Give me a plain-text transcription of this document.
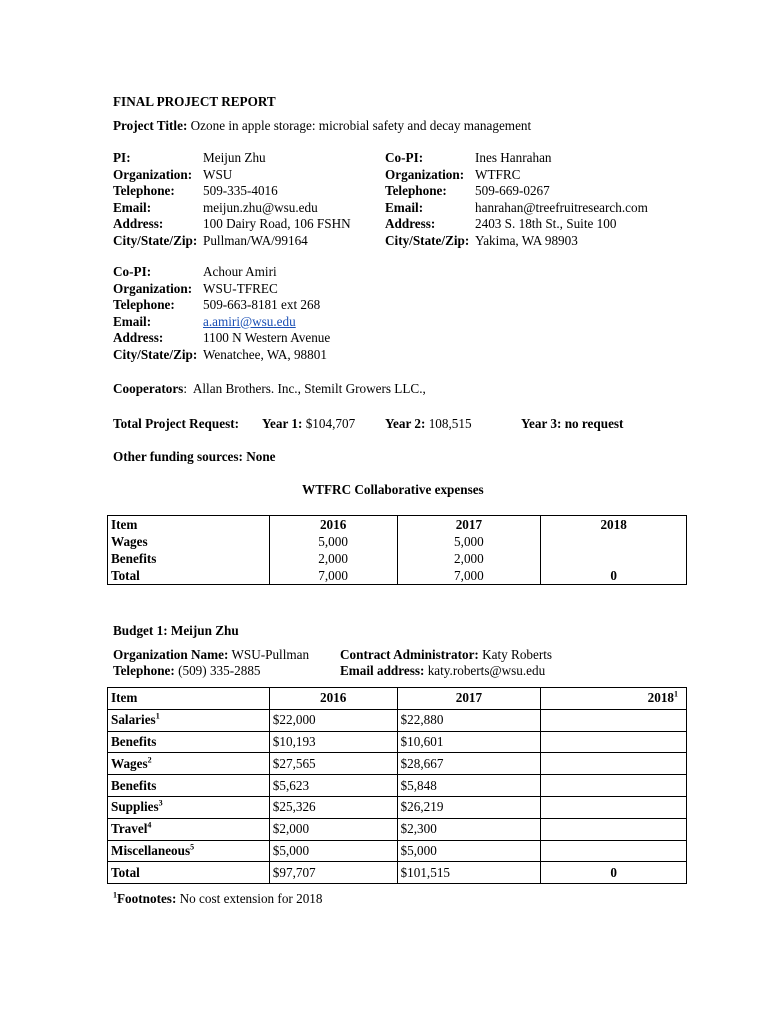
FINAL PROJECT REPORT
Project Title: Ozone in apple storage: microbial safety and decay management
PI:	Meijun Zhu
Organization: WSU
Telephone: 509-335-4016
Email:	meijun.zhu@wsu.edu
Address:	100 Dairy Road, 106 FSHN
City/State/Zip: Pullman/WA/99164
Co-PI:	Ines Hanrahan
Organization: WTFRC
Telephone: 509-669-0267
Email:	hanrahan@treefruitresearch.com
Address:	2403 S. 18th St., Suite 100
City/State/Zip: Yakima, WA 98903
Co-PI:	Achour Amiri
Organization: WSU-TFREC
Telephone: 509-663-8181 ext 268
Email:	a.amiri@wsu.edu
Address:	1100 N Western Avenue
City/State/Zip: Wenatchee, WA, 98801
Cooperators:  Allan Brothers. Inc., Stemilt Growers LLC.,
Total Project Request: Year 1: $104,707 Year 2: 108,515	Year 3: no request
Other funding sources: None
WTFRC Collaborative expenses
Item	2016	2017	2018
Wages	5,000	5,000	
Benefits	2,000	2,000	
Total	7,000	7,000	0
Budget 1: Meijun Zhu
Organization Name: WSU-Pullman
Telephone: (509) 335-2885
Contract Administrator: Katy Roberts
Email address: katy.roberts@wsu.edu
Item	2016	2017	2018$^1$
Salaries$^1$	$22,000	$22,880	
Benefits	$10,193	$10,601	
Wages$^2$	$27,565	$28,667	
Benefits	$5,623	$5,848	
Supplies$^3$	$25,326	$26,219	
Travel$^4$	$2,000	$2,300	
Miscellaneous$^5$	$5,000	$5,000	
Total	$97,707	$101,515	0
$^1$Footnotes: No cost extension for 2018
